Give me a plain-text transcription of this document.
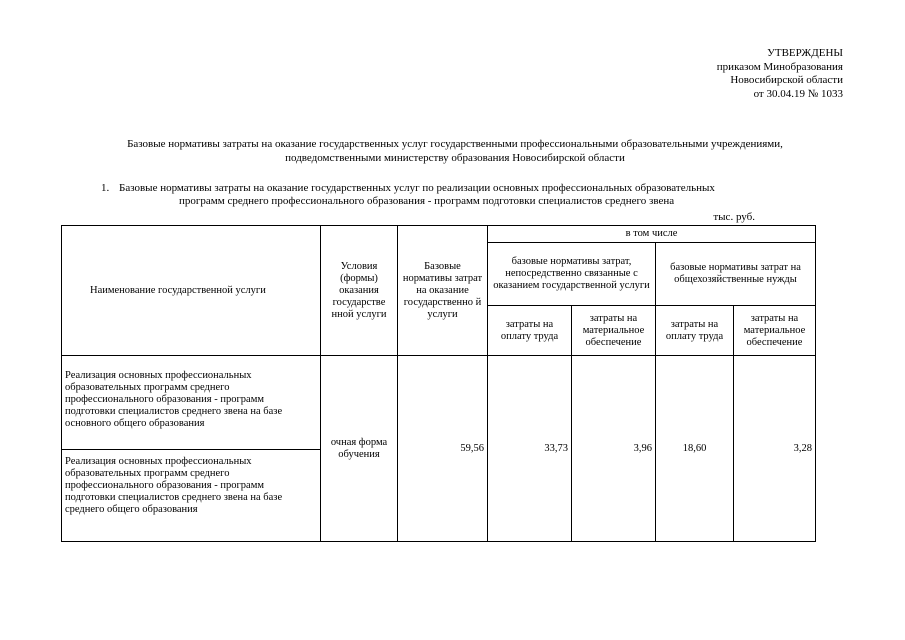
УТВЕРЖДЕНЫ
приказом Минобразования
Новосибирской области
от 30.04.19 № 1033
Базовые нормативы затраты на оказание государственных услуг государственными профессиональными образовательными учреждениями,
подведомственными министерству образования Новосибирской области
1. Базовые нормативы затраты на оказание государственных услуг по реализации основных профессиональных образовательных
программ среднего профессионального образования - программ подготовки специалистов среднего звена
тыс. руб.
Наименование государственной услуги	Условия (формы) оказания государстве нной услуги	Базовые нормативы затрат на оказание государственно й услуги	в том числе			
			базовые нормативы затрат, непосредственно связанные с оказанием государственной услуги		базовые нормативы затрат на общехозяйственные нужды	
			затраты на оплату труда	затраты на материальное обеспечение	затраты на оплату труда	затраты на материальное обеспечение
Реализация основных профессиональных образовательных программ среднего профессионального образования - программ подготовки специалистов среднего звена на базе основного общего образования	очная форма обучения	59,56	33,73	3,96	18,60	3,28
Реализация основных профессиональных образовательных программ среднего профессионального образования - программ подготовки специалистов среднего звена на базе среднего общего образования						
